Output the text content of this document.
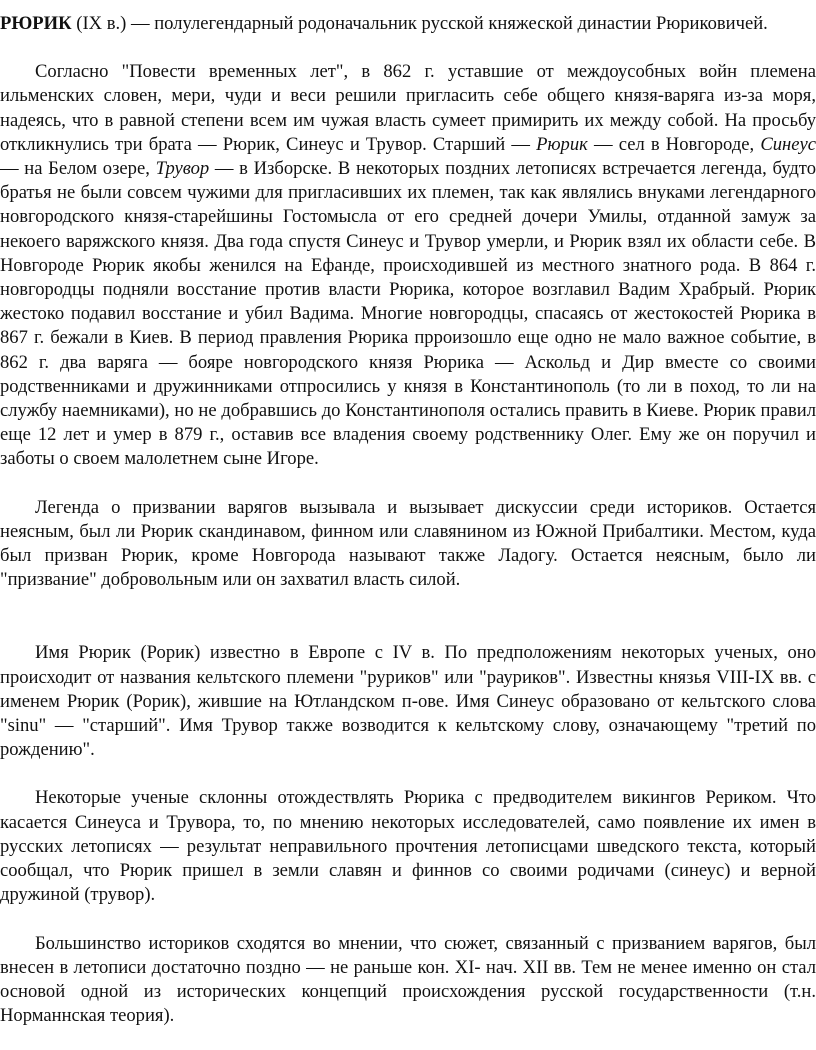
РЮРИК (IX в.) — полулегендарный родоначальник русской княжеской династии Рюриковичей.

Согласно "Повести временных лет", в 862 г. уставшие от междоусобных войн племена ильменских словен, мери, чуди и веси решили пригласить себе общего князя-варяга из-за моря, надеясь, что в равной степени всем им чужая власть сумеет примирить их между собой. На просьбу откликнулись три брата — Рюрик, Синеус и Трувор. Старший — Рюрик — сел в Новгороде, Синеус — на Белом озере, Трувор — в Изборске. В некоторых поздних летописях встречается легенда, будто братья не были совсем чужими для пригласивших их племен, так как являлись внуками легендарного новгородского князя-старейшины Гостомысла от его средней дочери Умилы, отданной замуж за некоего варяжского князя. Два года спустя Синеус и Трувор умерли, и Рюрик взял их области себе. В Новгороде Рюрик якобы женился на Ефанде, происходившей из местного знатного рода. В 864 г. новгородцы подняли восстание против власти Рюрика, которое возглавил Вадим Храбрый. Рюрик жестоко подавил восстание и убил Вадима. Многие новгородцы, спасаясь от жестокостей Рюрика в 867 г. бежали в Киев. В период правления Рюрика прроизошло еще одно не мало важное событие, в 862 г. два варяга — бояре новгородского князя Рюрика — Аскольд и Дир вместе со своими родственниками и дружинниками отпросились у князя в Константинополь (то ли в поход, то ли на службу наемниками), но не добравшись до Константинополя остались править в Киеве. Рюрик правил еще 12 лет и умер в 879 г., оставив все владения своему родственнику Олег. Ему же он поручил и заботы о своем малолетнем сыне Игоре.

Легенда о призвании варягов вызывала и вызывает дискуссии среди историков. Остается неясным, был ли Рюрик скандинавом, финном или славянином из Южной Прибалтики. Местом, куда был призван Рюрик, кроме Новгорода называют также Ладогу. Остается неясным, было ли "призвание" добровольным или он захватил власть силой.

Имя Рюрик (Рорик) известно в Европе с IV в. По предположениям некоторых ученых, оно происходит от названия кельтского племени "руриков" или "рауриков". Известны князья VIII-IX вв. с именем Рюрик (Рорик), жившие на Ютландском п-ове. Имя Синеус образовано от кельтского слова "sinu" — "старший". Имя Трувор также возводится к кельтскому слову, означающему "третий по рождению".

Некоторые ученые склонны отождествлять Рюрика с предводителем викингов Рериком. Что касается Синеуса и Трувора, то, по мнению некоторых исследователей, само появление их имен в русских летописях — результат неправильного прочтения летописцами шведского текста, который сообщал, что Рюрик пришел в земли славян и финнов со своими родичами (синеус) и верной дружиной (трувор).

Большинство историков сходятся во мнении, что сюжет, связанный с призванием варягов, был внесен в летописи достаточно поздно — не раньше кон. XI- нач. XII вв. Тем не менее именно он стал основой одной из исторических концепций происхождения русской государственности (т.н. Норманнская теория).
